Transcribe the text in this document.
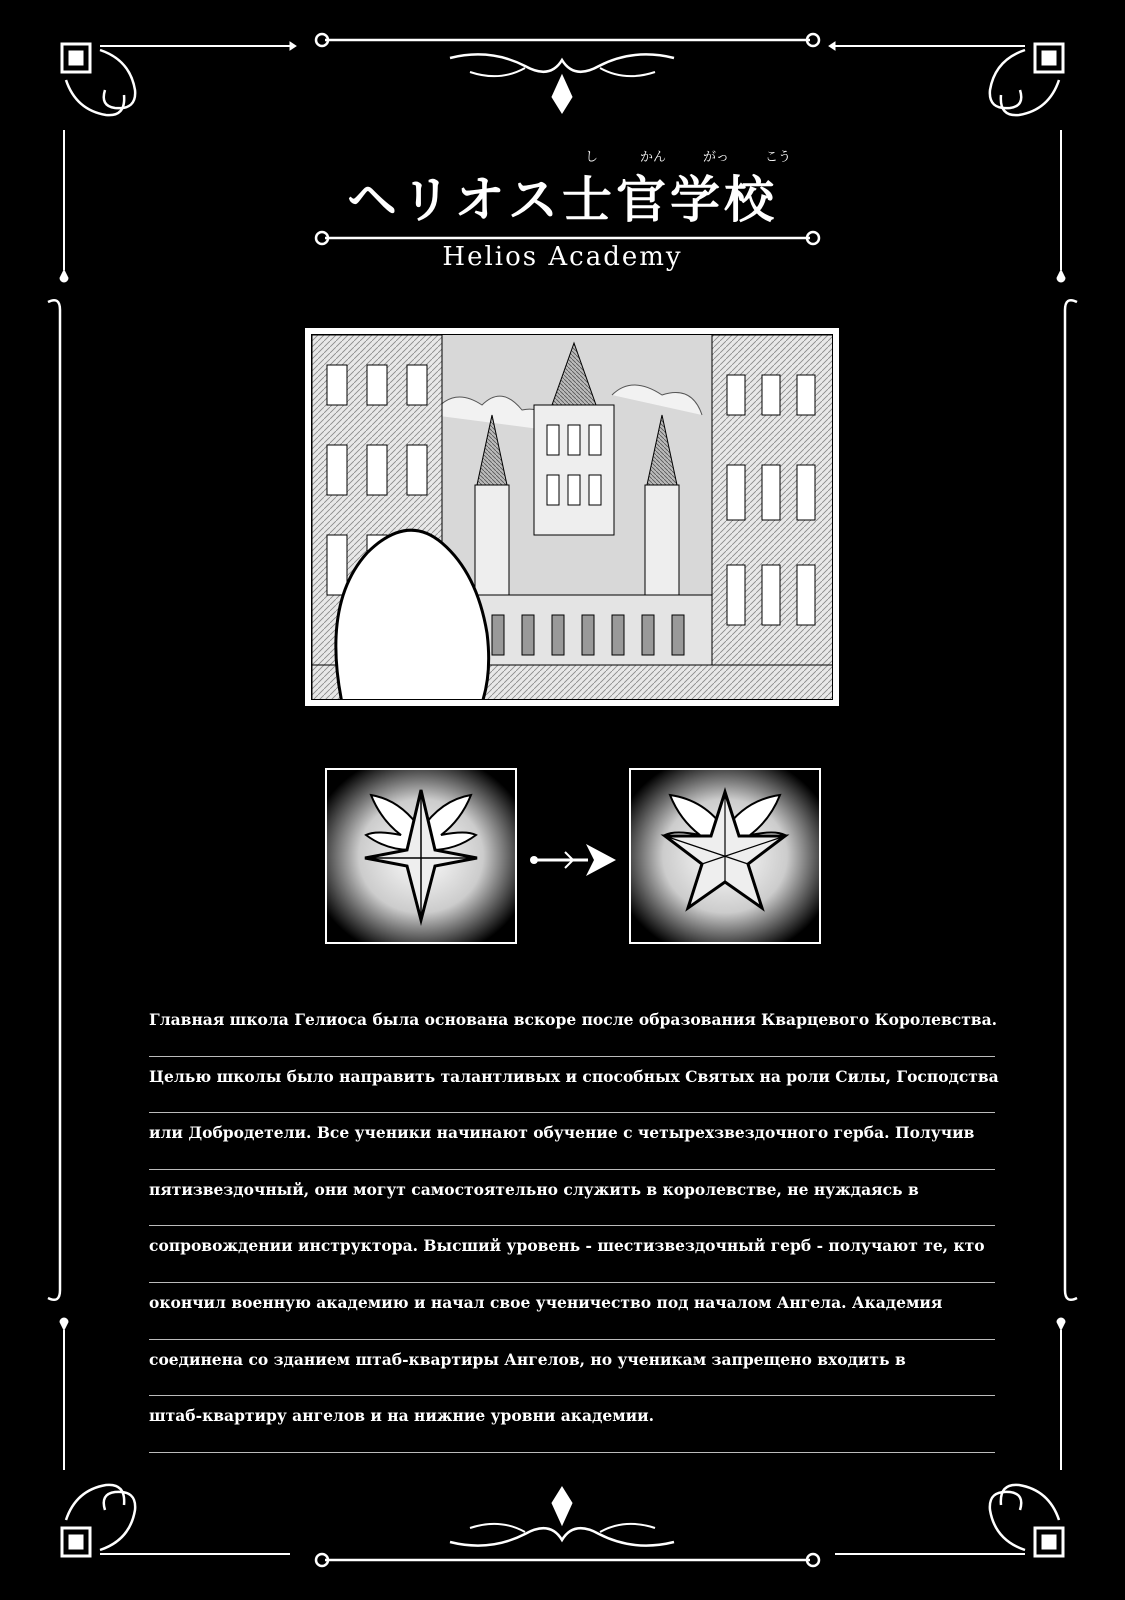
し	かん	がっ	こう
ヘリオス士官学校
Helios Academy
Главная школа Гелиоса была основана вскоре после образования Кварцевого Королевства.
Целью школы было направить талантливых и способных Святых на роли Силы, Господства
или Добродетели. Все ученики начинают обучение с четырехзвездочного герба. Получив
пятизвездочный, они могут самостоятельно служить в королевстве, не нуждаясь в
сопровождении инструктора. Высший уровень - шестизвездочный герб - получают те, кто
окончил военную академию и начал свое ученичество под началом Ангела. Академия
соединена со зданием штаб-квартиры Ангелов, но ученикам запрещено входить в
штаб-квартиру ангелов и на нижние уровни академии.
